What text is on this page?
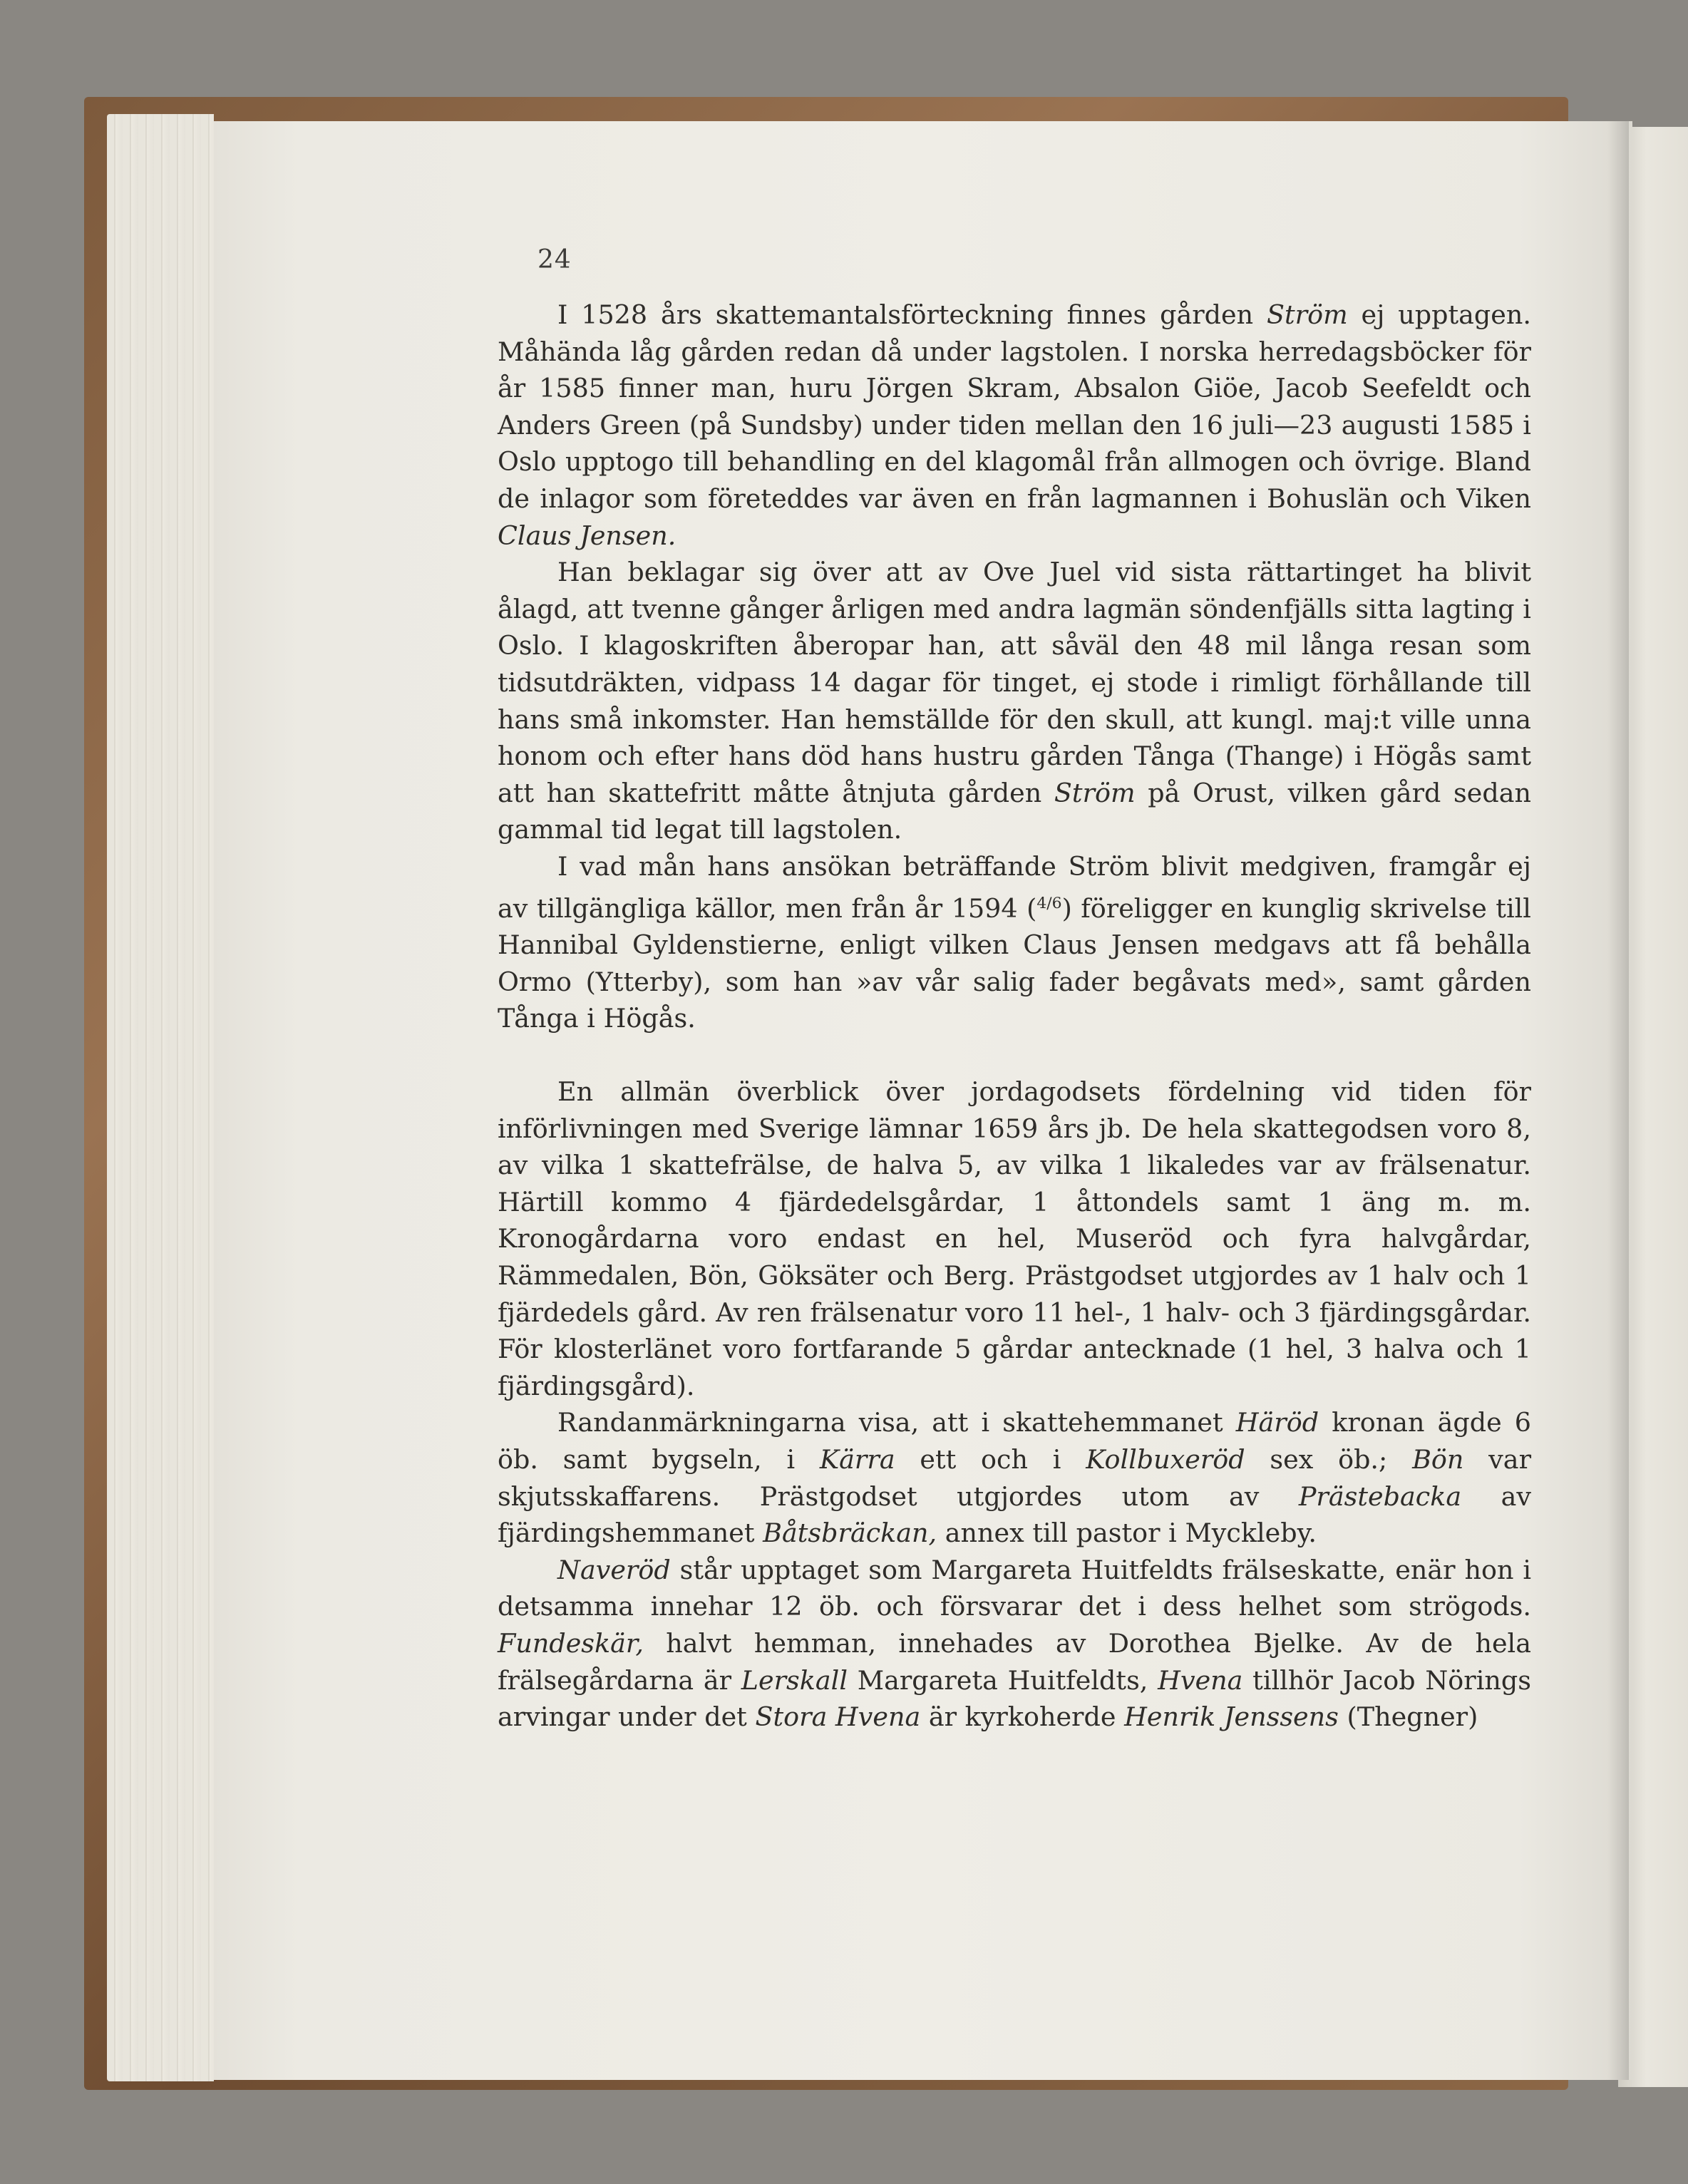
24

I 1528 års skattemantalsförteckning finnes gården Ström ej upptagen. Måhända låg gården redan då under lagstolen. I norska herredagsböcker för år 1585 finner man, huru Jörgen Skram, Absalon Giöe, Jacob Seefeldt och Anders Green (på Sundsby) under tiden mellan den 16 juli—23 augusti 1585 i Oslo upptogo till behandling en del klagomål från allmogen och övrige. Bland de inlagor som företeddes var även en från lagmannen i Bohuslän och Viken Claus Jensen.

Han beklagar sig över att av Ove Juel vid sista rättartinget ha blivit ålagd, att tvenne gånger årligen med andra lagmän söndenfjälls sitta lagting i Oslo. I klagoskriften åberopar han, att såväl den 48 mil långa resan som tidsutdräkten, vidpass 14 dagar för tinget, ej stode i rimligt förhållande till hans små inkomster. Han hemställde för den skull, att kungl. maj:t ville unna honom och efter hans död hans hustru gården Tånga (Thange) i Högås samt att han skattefritt måtte åtnjuta gården Ström på Orust, vilken gård sedan gammal tid legat till lagstolen.

I vad mån hans ansökan beträffande Ström blivit medgiven, framgår ej av tillgängliga källor, men från år 1594 ($^{4/6}$) föreligger en kunglig skrivelse till Hannibal Gyldenstierne, enligt vilken Claus Jensen medgavs att få behålla Ormo (Ytterby), som han »av vår salig fader begåvats med», samt gården Tånga i Högås.

En allmän överblick över jordagodsets fördelning vid tiden för införlivningen med Sverige lämnar 1659 års jb. De hela skattegodsen voro 8, av vilka 1 skattefrälse, de halva 5, av vilka 1 likaledes var av frälsenatur. Härtill kommo 4 fjärdedelsgårdar, 1 åttondels samt 1 äng m. m. Kronogårdarna voro endast en hel, Museröd och fyra halvgårdar, Rämmedalen, Bön, Göksäter och Berg. Prästgodset utgjordes av 1 halv och 1 fjärdedels gård. Av ren frälsenatur voro 11 hel-, 1 halv- och 3 fjärdingsgårdar. För klosterlänet voro fortfarande 5 gårdar antecknade (1 hel, 3 halva och 1 fjärdingsgård).

Randanmärkningarna visa, att i skattehemmanet Häröd kronan ägde 6 öb. samt bygseln, i Kärra ett och i Kollbuxeröd sex öb.; Bön var skjutsskaffarens. Prästgodset utgjordes utom av Prästebacka av fjärdingshemmanet Båtsbräckan, annex till pastor i Myckleby.

Naveröd står upptaget som Margareta Huitfeldts frälseskatte, enär hon i detsamma innehar 12 öb. och försvarar det i dess helhet som strögods. Fundeskär, halvt hemman, innehades av Dorothea Bjelke. Av de hela frälsegårdarna är Lerskall Margareta Huitfeldts, Hvena tillhör Jacob Nörings arvingar under det Stora Hvena är kyrkoherde Henrik Jenssens (Thegner)
